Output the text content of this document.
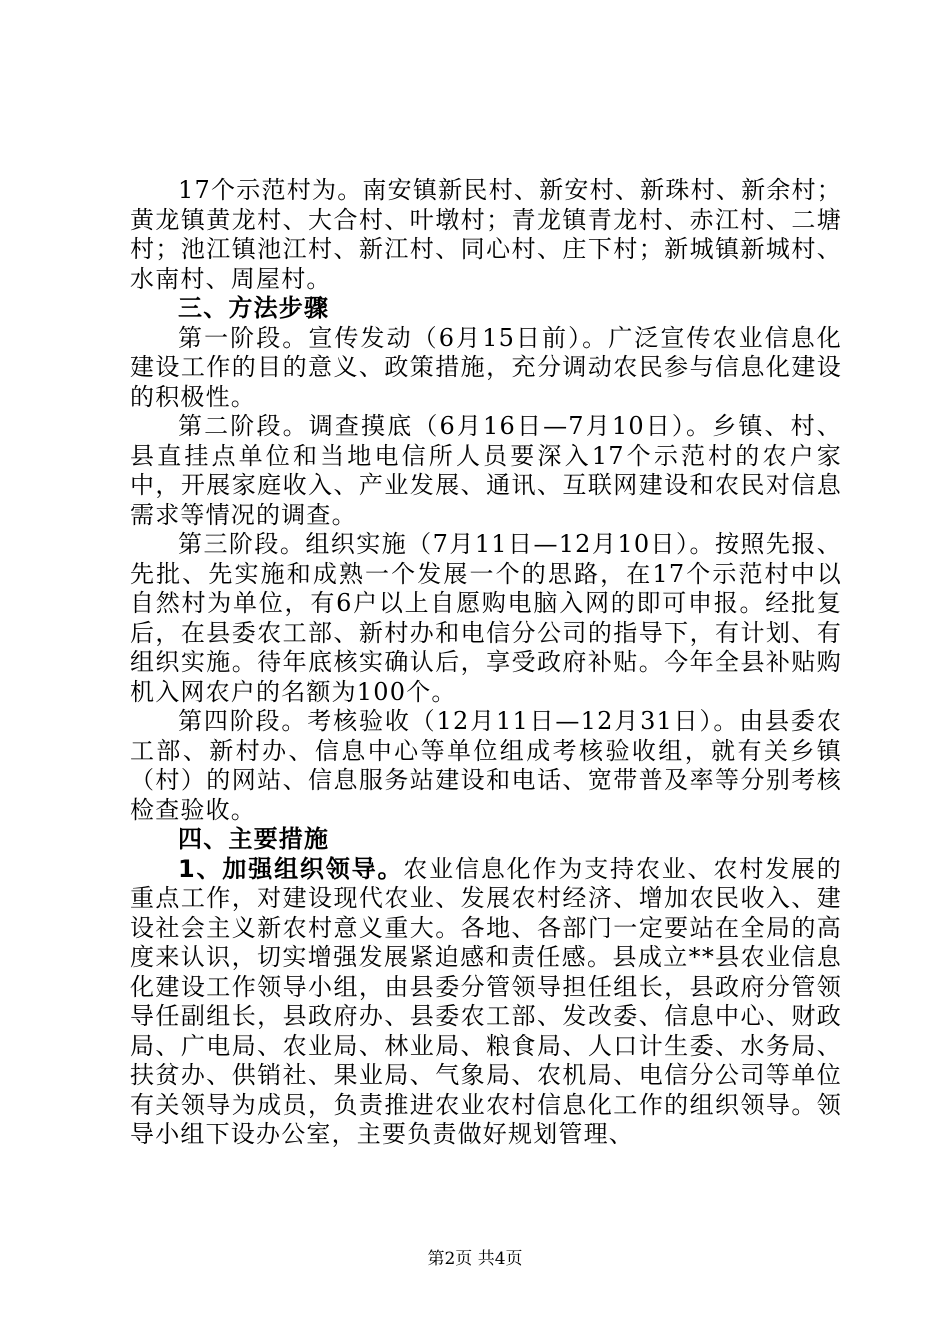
17个示范村为。南安镇新民村、新安村、新珠村、新余村；黄龙镇黄龙村、大合村、叶墩村；青龙镇青龙村、赤江村、二塘村；池江镇池江村、新江村、同心村、庄下村；新城镇新城村、水南村、周屋村。

三、方法步骤

第一阶段。宣传发动（6月15日前）。广泛宣传农业信息化建设工作的目的意义、政策措施，充分调动农民参与信息化建设的积极性。

第二阶段。调查摸底（6月16日—7月10日）。乡镇、村、县直挂点单位和当地电信所人员要深入17个示范村的农户家中，开展家庭收入、产业发展、通讯、互联网建设和农民对信息需求等情况的调查。

第三阶段。组织实施（7月11日—12月10日）。按照先报、先批、先实施和成熟一个发展一个的思路，在17个示范村中以自然村为单位，有6户以上自愿购电脑入网的即可申报。经批复后，在县委农工部、新村办和电信分公司的指导下，有计划、有组织实施。待年底核实确认后，享受政府补贴。今年全县补贴购机入网农户的名额为100个。

第四阶段。考核验收（12月11日—12月31日）。由县委农工部、新村办、信息中心等单位组成考核验收组，就有关乡镇（村）的网站、信息服务站建设和电话、宽带普及率等分别考核检查验收。

四、主要措施

1、加强组织领导。农业信息化作为支持农业、农村发展的重点工作，对建设现代农业、发展农村经济、增加农民收入、建设社会主义新农村意义重大。各地、各部门一定要站在全局的高度来认识，切实增强发展紧迫感和责任感。县成立**县农业信息化建设工作领导小组，由县委分管领导担任组长，县政府分管领导任副组长，县政府办、县委农工部、发改委、信息中心、财政局、广电局、农业局、林业局、粮食局、人口计生委、水务局、扶贫办、供销社、果业局、气象局、农机局、电信分公司等单位有关领导为成员，负责推进农业农村信息化工作的组织领导。领导小组下设办公室，主要负责做好规划管理、

第2页 共4页
